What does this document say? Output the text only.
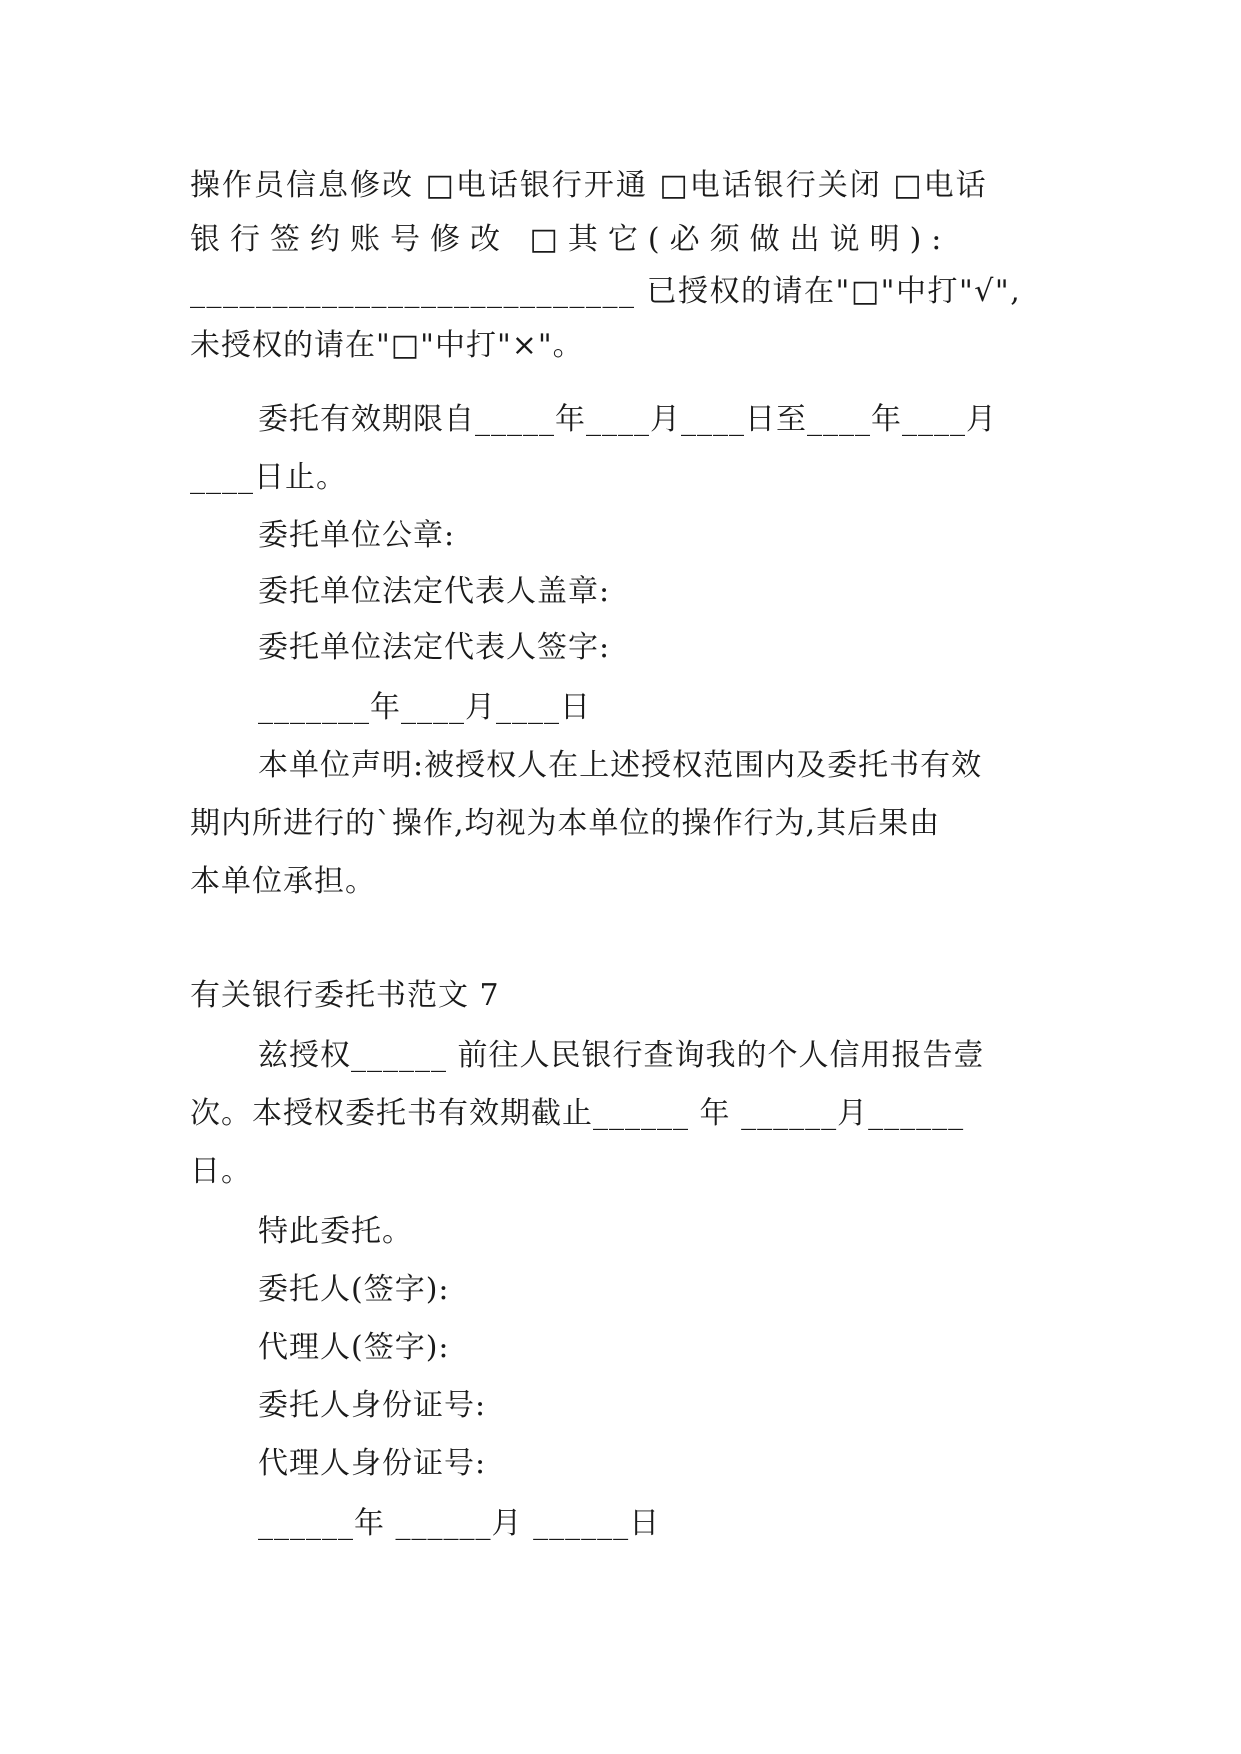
操作员信息修改 □电话银行开通 □电话银行关闭 □电话
银行签约账号修改 □其它(必须做出说明):
___________________________ 已授权的请在"□"中打"√",
未授权的请在"□"中打"×"。
委托有效期限自_____年____月____日至____年____月
____日止。
委托单位公章:
委托单位法定代表人盖章:
委托单位法定代表人签字:
_______年____月____日
本单位声明:被授权人在上述授权范围内及委托书有效
期内所进行的`操作,均视为本单位的操作行为,其后果由
本单位承担。
有关银行委托书范文 7
兹授权______ 前往人民银行查询我的个人信用报告壹
次。本授权委托书有效期截止______ 年 ______月______
日。
特此委托。
委托人(签字):
代理人(签字):
委托人身份证号:
代理人身份证号:
______年 ______月 ______日
